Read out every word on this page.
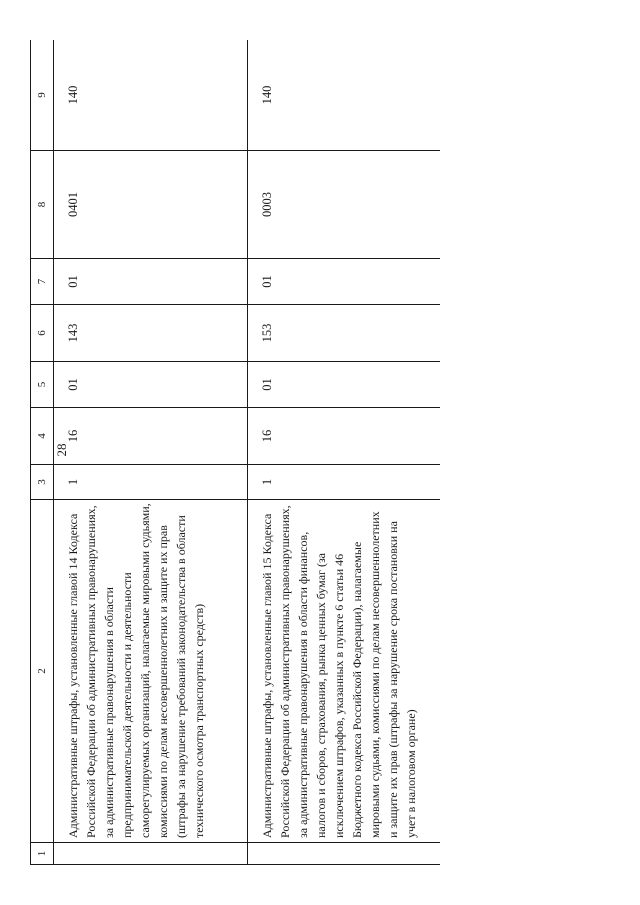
28
1	2	3	4	5	6	7	8	9
	Административные штрафы, установленные главой 14 Кодекса Российской Федерации об административных правонарушениях, за административные правонарушения в области предпринимательской деятельности и деятельности саморегулируемых организаций, налагаемые мировыми судьями, комиссиями по делам несовершеннолетних и защите их прав (штрафы за нарушение требований законодательства в области технического осмотра транспортных средств)	1	16	01	143	01	0401	140
	Административные штрафы, установленные главой 15 Кодекса Российской Федерации об административных правонарушениях, за административные правонарушения в области финансов, налогов и сборов, страхования, рынка ценных бумаг (за исключением штрафов, указанных в пункте 6 статьи 46 Бюджетного кодекса Российской Федерации), налагаемые мировыми судьями, комиссиями по делам несовершеннолетних и защите их прав (штрафы за нарушение срока постановки на учет в налоговом органе)	1	16	01	153	01	0003	140
